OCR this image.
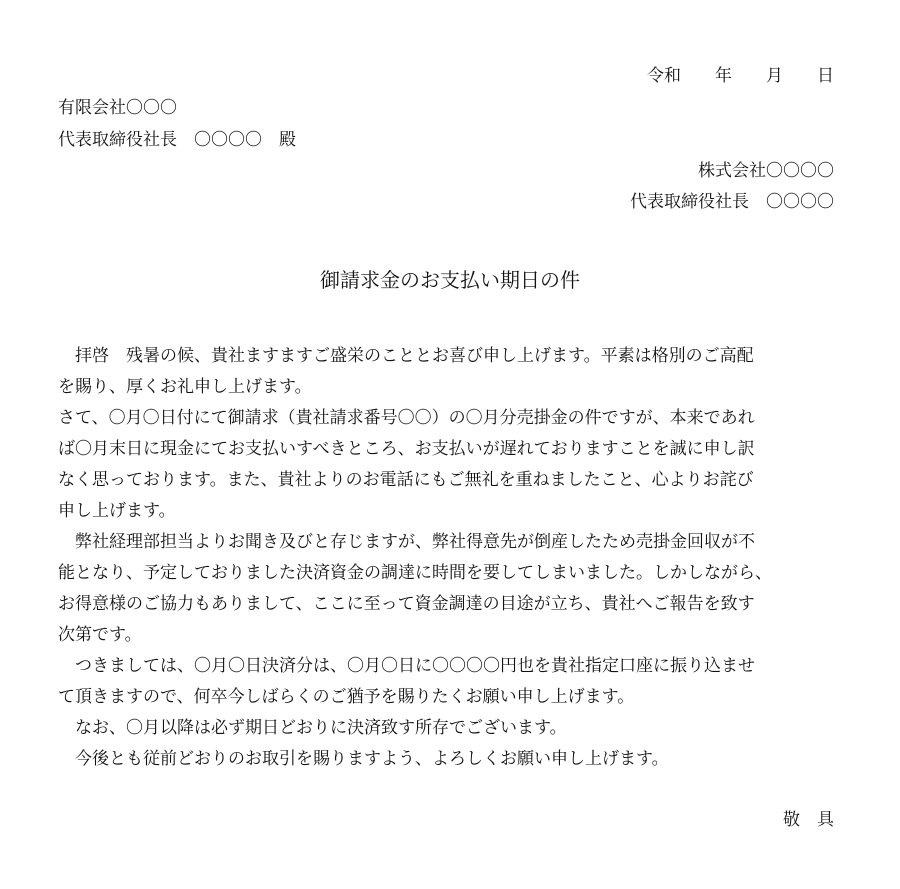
令和　　年　　月　　日
有限会社〇〇〇
代表取締役社長　〇〇〇〇　殿
株式会社〇〇〇〇
代表取締役社長　〇〇〇〇
御請求金のお支払い期日の件
　拝啓　残暑の候、貴社ますますご盛栄のこととお喜び申し上げます。平素は格別のご高配
を賜り、厚くお礼申し上げます。
さて、〇月〇日付にて御請求（貴社請求番号〇〇）の〇月分売掛金の件ですが、本来であれ
ば〇月末日に現金にてお支払いすべきところ、お支払いが遅れておりますことを誠に申し訳
なく思っております。また、貴社よりのお電話にもご無礼を重ねましたこと、心よりお詫び
申し上げます。
　弊社経理部担当よりお聞き及びと存じますが、弊社得意先が倒産したため売掛金回収が不
能となり、予定しておりました決済資金の調達に時間を要してしまいました。しかしながら、
お得意様のご協力もありまして、ここに至って資金調達の目途が立ち、貴社へご報告を致す
次第です。
　つきましては、〇月〇日決済分は、〇月〇日に〇〇〇〇円也を貴社指定口座に振り込ませ
て頂きますので、何卒今しばらくのご猶予を賜りたくお願い申し上げます。
　なお、〇月以降は必ず期日どおりに決済致す所存でございます。
　今後とも従前どおりのお取引を賜りますよう、よろしくお願い申し上げます。
敬　具
